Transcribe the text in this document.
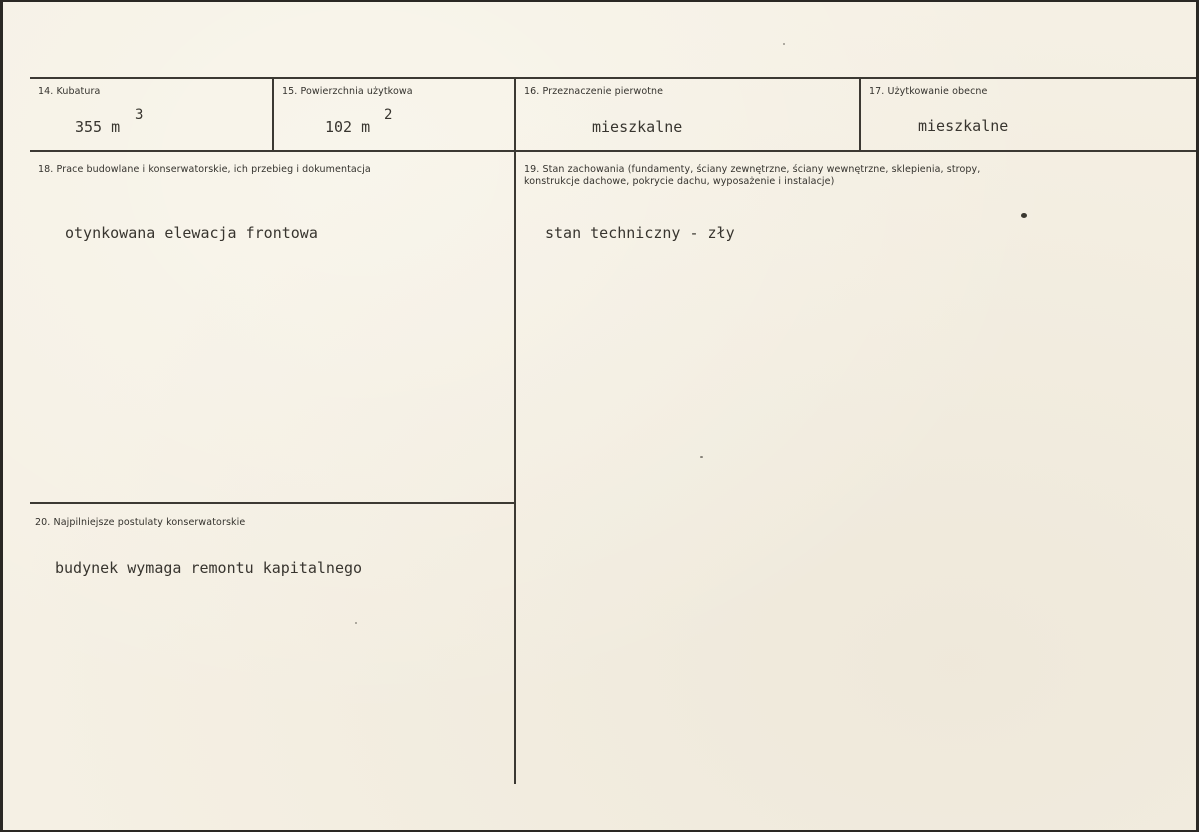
14. Kubatura
355 m
3
15. Powierzchnia użytkowa
102 m
2
16. Przeznaczenie pierwotne
mieszkalne
17. Użytkowanie obecne
mieszkalne
18. Prace budowlane i konserwatorskie, ich przebieg i dokumentacja
otynkowana elewacja frontowa
19. Stan zachowania (fundamenty, ściany zewnętrzne, ściany wewnętrzne, sklepienia, stropy, konstrukcje dachowe, pokrycie dachu, wyposażenie i instalacje)
stan techniczny - zły
20. Najpilniejsze postulaty konserwatorskie
budynek wymaga remontu kapitalnego
